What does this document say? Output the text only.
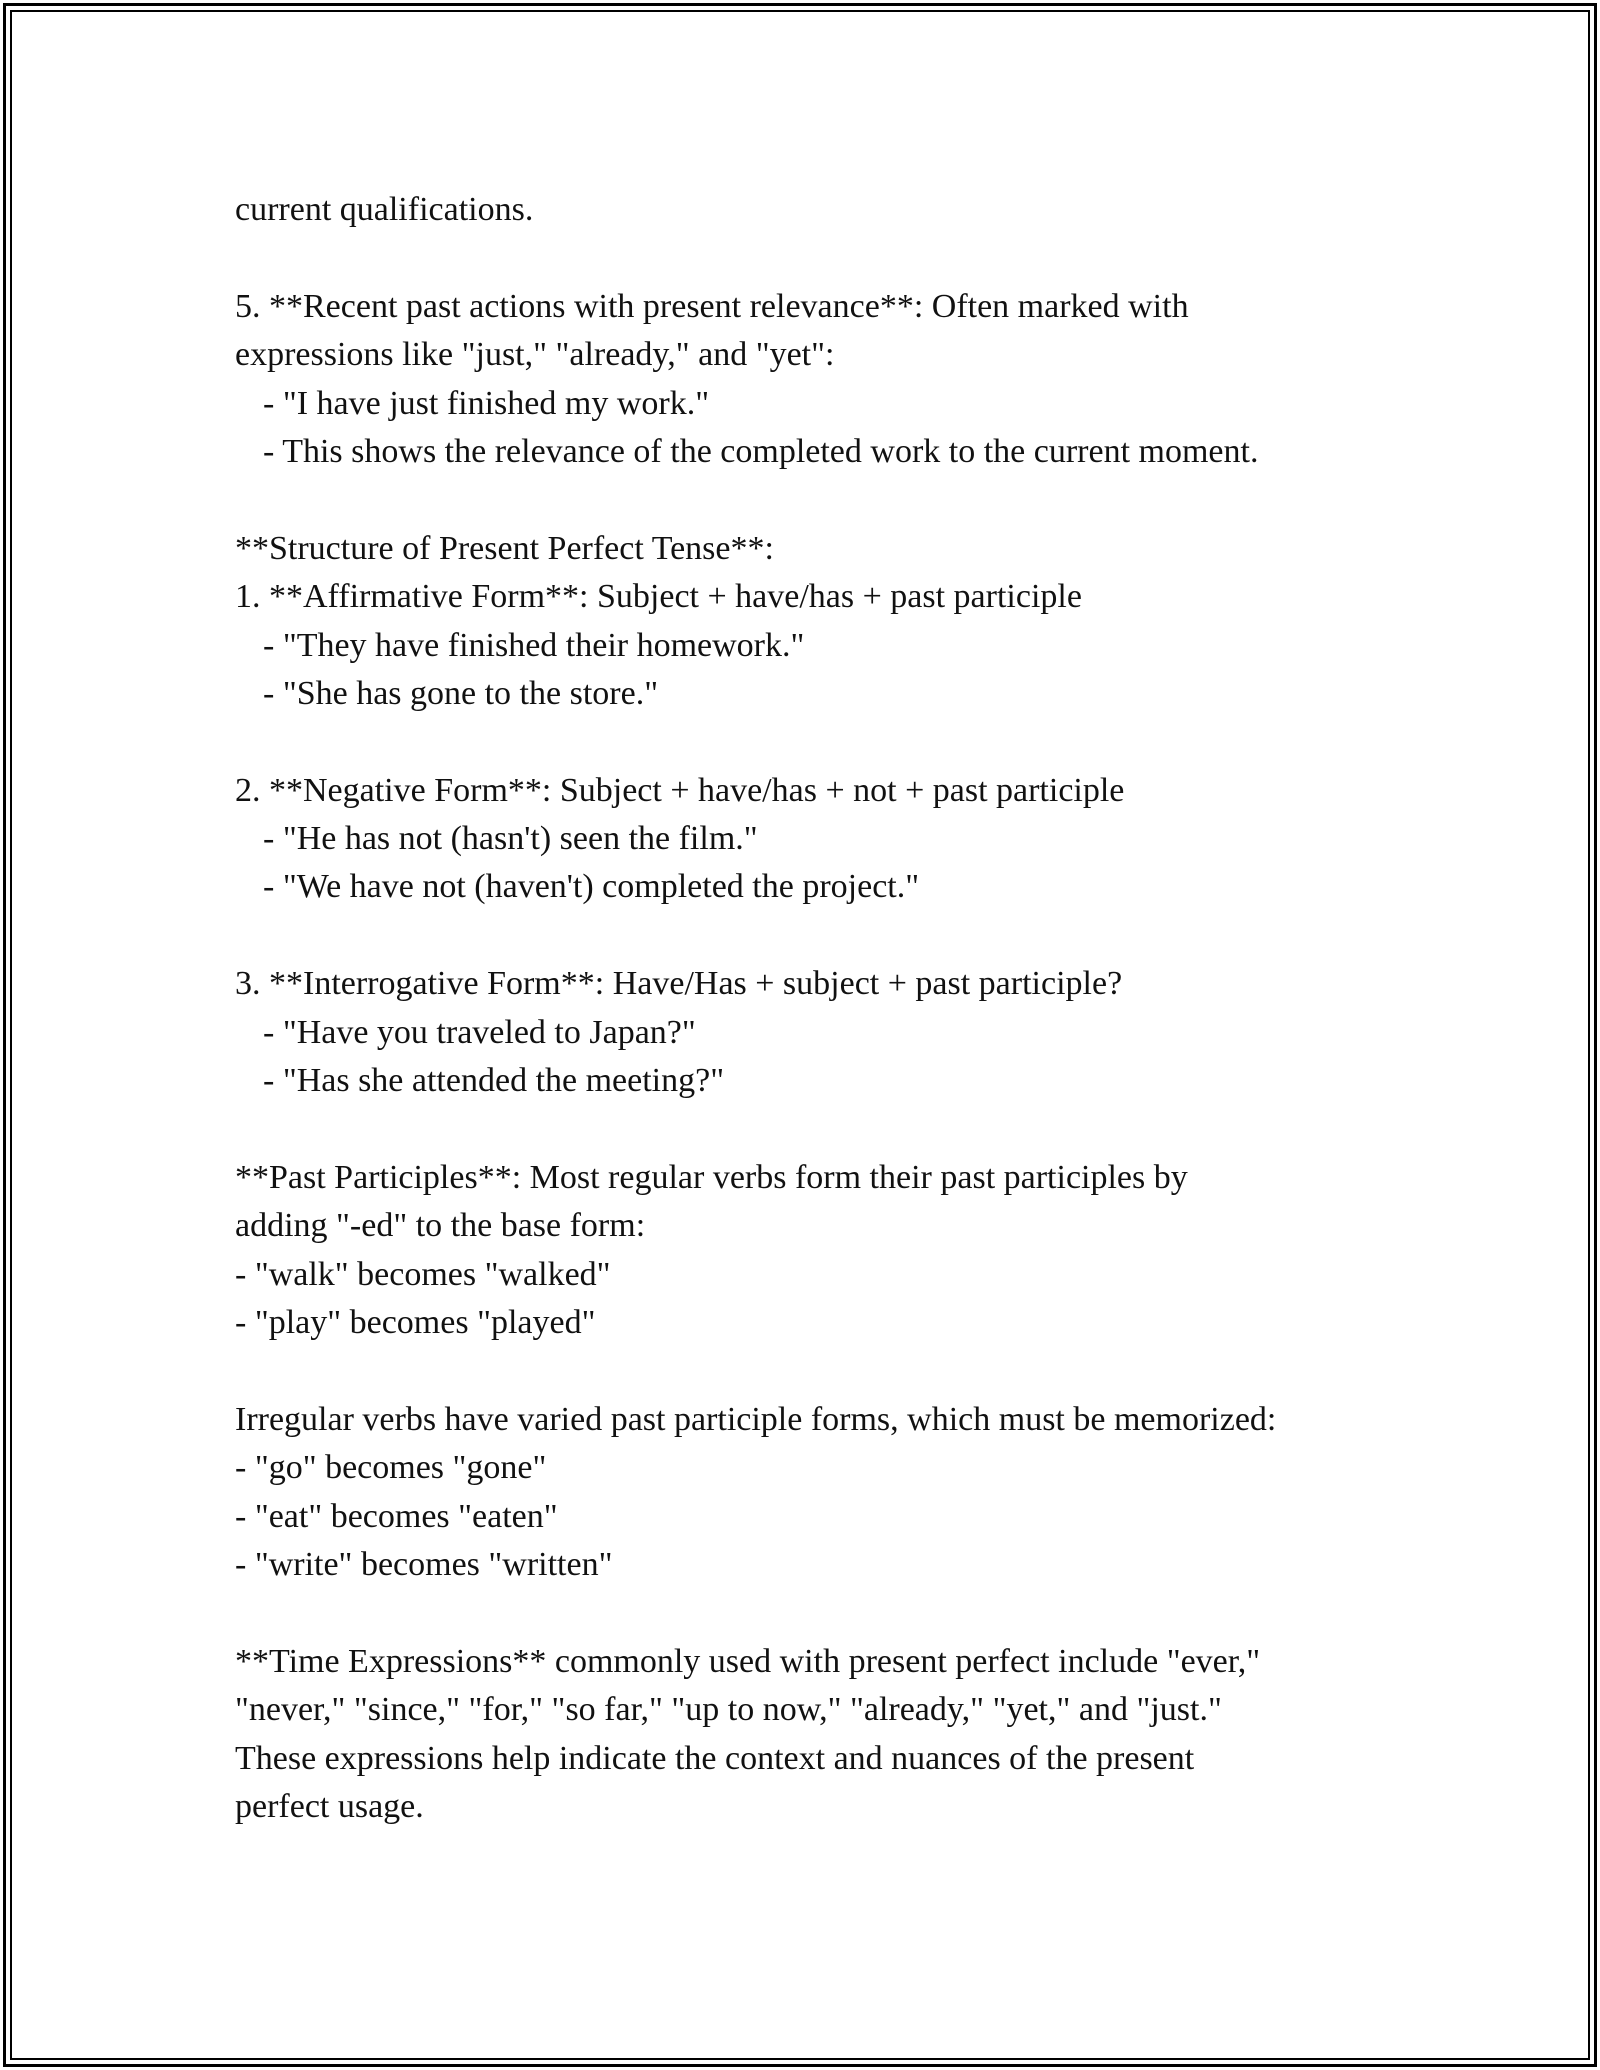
current qualifications.
5. **Recent past actions with present relevance**: Often marked with
expressions like "just," "already," and "yet":
- "I have just finished my work."
- This shows the relevance of the completed work to the current moment.
**Structure of Present Perfect Tense**:
1. **Affirmative Form**: Subject + have/has + past participle
- "They have finished their homework."
- "She has gone to the store."
2. **Negative Form**: Subject + have/has + not + past participle
- "He has not (hasn't) seen the film."
- "We have not (haven't) completed the project."
3. **Interrogative Form**: Have/Has + subject + past participle?
- "Have you traveled to Japan?"
- "Has she attended the meeting?"
**Past Participles**: Most regular verbs form their past participles by
adding "-ed" to the base form:
- "walk" becomes "walked"
- "play" becomes "played"
Irregular verbs have varied past participle forms, which must be memorized:
- "go" becomes "gone"
- "eat" becomes "eaten"
- "write" becomes "written"
**Time Expressions** commonly used with present perfect include "ever,"
"never," "since," "for," "so far," "up to now," "already," "yet," and "just."
These expressions help indicate the context and nuances of the present
perfect usage.
